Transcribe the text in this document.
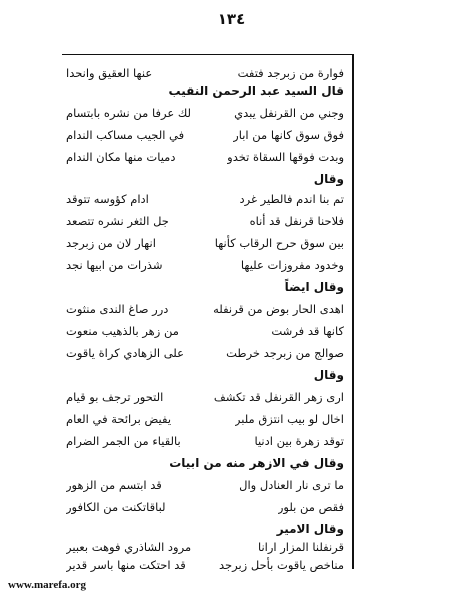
١٣٤
فوارة من زبرجد فتفت
عنها العقيق وانحدا
قال السيد عبد الرحمن النقيب
وجني من القرنفل يبدي
لك عرفا من نشره بابتسام
فوق سوق كانها من ابار
في الجيب مساكب الندام
وبدت فوقها السقاة تخدو
دميات منها مكان الندام
وقال
تم بنا اندم فالطير غرد
ادام كؤوسه تتوقد
فلاحنا قرنفل قد أناه
جل الثغر نشره تتصعد
بين سوق حرح الرقاب كأنها
انهار لان من زبرجد
وخدود مفروزات عليها
شذرات من ابيها نجد
وقال ايضاً
اهدى الحار بوض من قرنفله
درر صاغ الندى منثوت
كانها قد فرشت
من زهر بالذهيب منعوت
صوالج من زبرجد خرطت
على الزهادي كراة ياقوت
وقال
ارى زهر القرنفل قد تكشف
التحور ترجف بو قيام
اخال لو بيب انتزق ملبر
يفيض برائحة في العام
توقد زهرة بين ادنيا
بالقياء من الجمر الضرام
وقال في الازهر منه من ابيات
ما ترى نار العنادل وال
قد ابتسم من الزهور
فقص من بلور
لباقاتكنت من الكافور
وقال الامير
قرنفلنا المزار ارانا
مرود الشاذري فوهت بعبير
مناخص ياقوت بأحل زبرجد
قد احتكت منها باسر قدير
www.marefa.org
